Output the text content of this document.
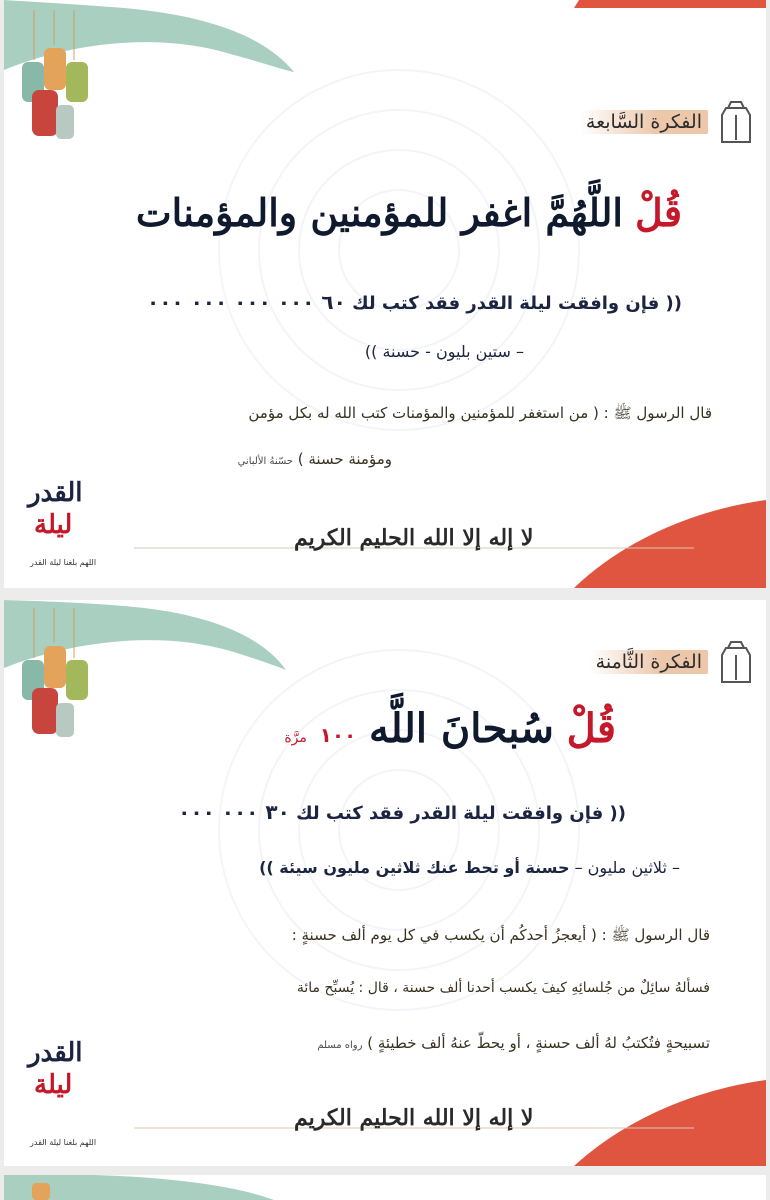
الفكرة السَّابعة
قُلْ اللَّهُمَّ اغفر للمؤمنين والمؤمنات
(( فإن وافقت ليلة القدر فقد كتب لك ٦٠ ٠٠٠ ٠٠٠ ٠٠٠ ٠٠٠
– ستين بليون - حسنة ))
قال الرسول ﷺ : ( من استغفر للمؤمنين والمؤمنات كتب الله له بكل مؤمن
ومؤمنة حسنة ) حسّنهُ الألباني
القدر
ليلة
اللهم بلغنا ليلة القدر
لا إله إلا الله الحليم الكريم
الفكرة الثَّامنة
قُلْ سُبحانَ اللَّه ١٠٠ مرَّة
(( فإن وافقت ليلة القدر فقد كتب لك ٣٠ ٠٠٠ ٠٠٠
– ثلاثين مليون – حسنة أو تحط عنك ثلاثين مليون سيئة ))
قال الرسول ﷺ : ( أيعجزُ أحدكُم أن يكسب في كل يوم ألف حسنةٍ :
فسألهُ سائِلٌ من جُلسائِهِ كيفَ يكسب أحدنا ألف حسنة ، قال : يُسبِّح مائة
تسبيحةٍ فتُكتبُ لهُ ألف حسنةٍ ، أو يحطّ عنهُ ألف خطيئةٍ ) رواه مسلم
القدر
ليلة
اللهم بلغنا ليلة القدر
لا إله إلا الله الحليم الكريم
